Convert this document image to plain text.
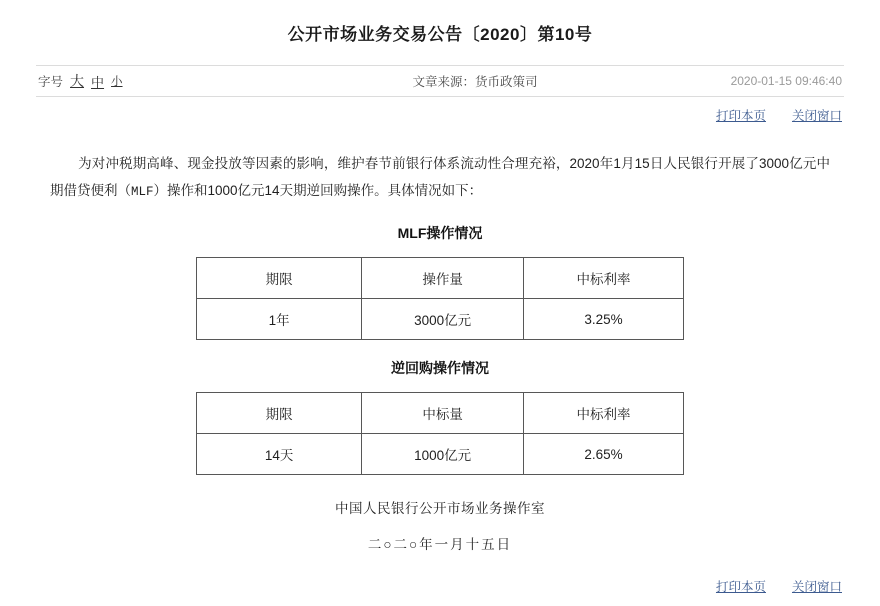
公开市场业务交易公告〔2020〕第10号
字号 大 中 小	文章来源：货币政策司	2020-01-15 09:46:40
打印本页 关闭窗口
为对冲税期高峰、现金投放等因素的影响，维护春节前银行体系流动性合理充裕，2020年1月15日人民银行开展了3000亿元中期借贷便利（MLF）操作和1000亿元14天期逆回购操作。具体情况如下：
MLF操作情况
期限	操作量	中标利率
1年	3000亿元	3.25%
逆回购操作情况
期限	中标量	中标利率
14天	1000亿元	2.65%
中国人民银行公开市场业务操作室
二○二○年一月十五日
打印本页 关闭窗口
